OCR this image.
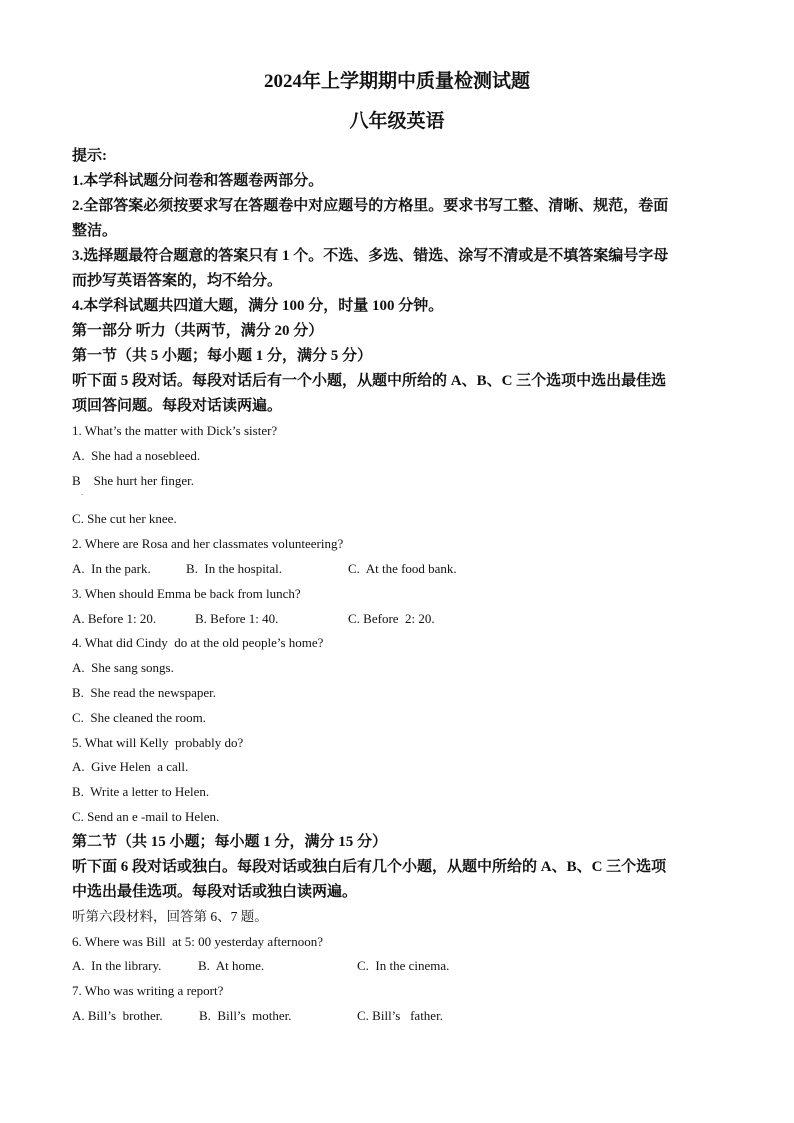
2024年上学期期中质量检测试题
八年级英语

提示:

1.本学科试题分问卷和答题卷两部分。

2.全部答案必须按要求写在答题卷中对应题号的方格里。要求书写工整、清晰、规范，卷面

整洁。

3.选择题最符合题意的答案只有 1 个。不选、多选、错选、涂写不清或是不填答案编号字母

而抄写英语答案的，均不给分。

4.本学科试题共四道大题，满分 100 分，时量 100 分钟。

第一部分 听力（共两节，满分 20 分）

第一节（共 5 小题；每小题 1 分，满分 5 分）

听下面 5 段对话。每段对话后有一个小题，从题中所给的 A、B、C 三个选项中选出最佳选

项回答问题。每段对话读两遍。

1. What’s the matter with Dick’s sister?

A.  She had a nosebleed.

B    She hurt her finger.

.

C. She cut her knee.

2. Where are Rosa and her classmates volunteering?

A.  In the park.	B.  In the hospital.	C.  At the food bank.

3. When should Emma be back from lunch?

A. Before 1: 20.	B. Before 1: 40.	C. Before  2: 20.

4. What did Cindy  do at the old people’s home?

A.  She sang songs.

B.  She read the newspaper.

C.  She cleaned the room.

5. What will Kelly  probably do?

A.  Give Helen  a call.

B.  Write a letter to Helen.

C. Send an e -mail to Helen.

第二节（共 15 小题；每小题 1 分，满分 15 分）

听下面 6 段对话或独白。每段对话或独白后有几个小题，从题中所给的 A、B、C 三个选项

中选出最佳选项。每段对话或独白读两遍。

听第六段材料，回答第 6、7 题。

6. Where was Bill  at 5: 00 yesterday afternoon?

A.  In the library.	B.  At home.	C.  In the cinema.

7. Who was writing a report?

A. Bill’s  brother.	B.  Bill’s  mother.	C. Bill’s   father.
